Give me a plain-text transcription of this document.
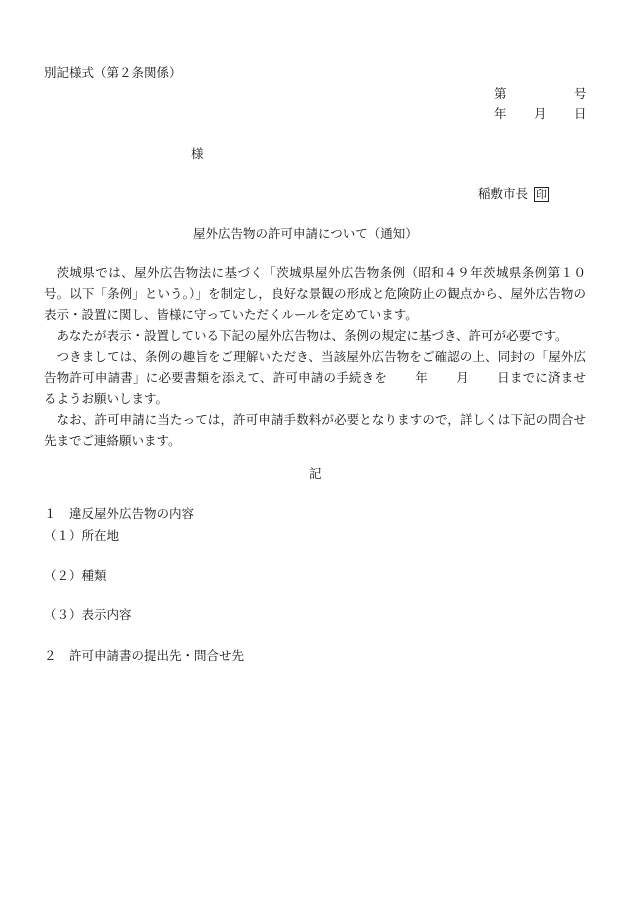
別記様式（第２条関係）
第	号
年 月 日
様
稲敷市長 印
屋外広告物の許可申請について（通知）

茨城県では、屋外広告物法に基づく「茨城県屋外広告物条例（昭和４９年茨城県条例第１０号。以下「条例」という。）」を制定し，良好な景観の形成と危険防止の観点から、屋外広告物の表示・設置に関し、皆様に守っていただくルールを定めています。

あなたが表示・設置している下記の屋外広告物は、条例の規定に基づき、許可が必要です。

つきましては、条例の趣旨をご理解いただき、当該屋外広告物をご確認の上、同封の「屋外広告物許可申請書」に必要書類を添えて、許可申請の手続きを 年 月 日までに済ませるようお願いします。

なお、許可申請に当たっては，許可申請手数料が必要となりますので，詳しくは下記の問合せ先までご連絡願います。

記
１　違反屋外広告物の内容
（１）所在地
（２）種類
（３）表示内容
２　許可申請書の提出先・問合せ先
